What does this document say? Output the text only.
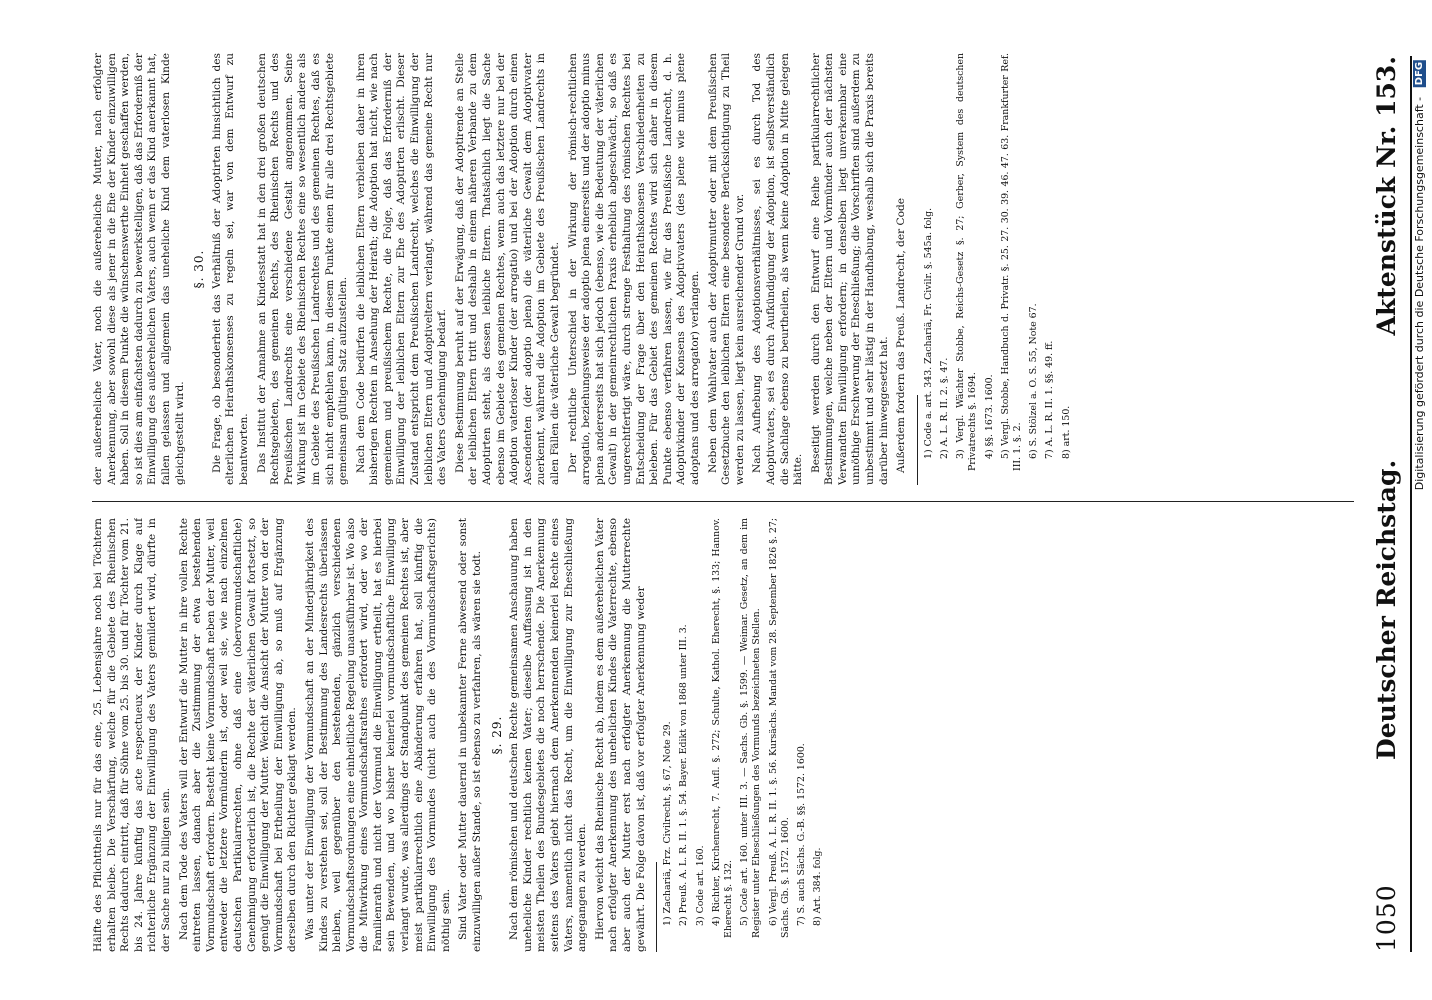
1050
Deutscher Reichstag.
Aktenstück Nr. 153.

Hälfte des Pflichttheils nur für das eine, 25. Lebensjahre noch bei Töchtern erhalten bleibe. Die Verschärfung, welche für die Gebiete des Rheinischen Rechts dadurch eintritt, daß für Söhne vom 25. bis 30. und für Töchter vom 21. bis 24. Jahre künftig das acte respectueux der Kinder durch Klage auf richterliche Ergänzung der Einwilligung des Vaters gemildert wird, dürfte in der Sache nur zu billigen sein. Nach dem Tode des Vaters will der Entwurf die Mutter in ihre vollen Rechte eintreten lassen, danach aber die Zustimmung der etwa bestehenden Vormundschaft erfordern. Besteht keine Vormundschaft neben der Mutter, weil entweder die letztere Vormünderin ist, oder weil sie, wie nach einzelnen deutschen Partikularrechten, ohne daß eine (obervormundschaftliche) Genehmigung erforderlich ist, die Rechte der väterlichen Gewalt fortsetzt, so genügt die Einwilligung der Mutter. Weicht die Ansicht der Mutter von der der Vormundschaft bei Ertheilung der Einwilligung ab, so muß auf Ergänzung derselben durch den Richter geklagt werden. Was unter der Einwilligung der Vormundschaft an der Minderjährigkeit des Kindes zu verstehen sei, soll der Bestimmung des Landesrechts überlassen bleiben, weil gegenüber den bestehenden, gänzlich verschiedenen Vormundschaftsordnungen eine einheitliche Regelung unausführbar ist. Wo also die Mitwirkung eines Vormundschaftsrathes erfordert wird, oder wo der Familienrath und nicht der Vormund die Einwilligung ertheilt, hat es hierbei sein Bewenden, und wo bisher keinerlei vormundschaftliche Einwilligung verlangt wurde, was allerdings der Standpunkt des gemeinen Rechtes ist, aber meist partikularrechtlich eine Abänderung erfahren hat, soll künftig die Einwilligung des Vormundes (nicht auch die des Vormundschaftsgerichts) nöthig sein. Sind Vater oder Mutter dauernd in unbekannter Ferne abwesend oder sonst einzuwilligen außer Stande, so ist ebenso zu verfahren, als wären sie todt. §. 29. Nach dem römischen und deutschen Rechte gemeinsamen Anschauung haben uneheliche Kinder rechtlich keinen Vater; dieselbe Auffassung ist in den meisten Theilen des Bundesgebietes die noch herrschende. Die Anerkennung seitens des Vaters giebt hiernach dem Anerkennenden keinerlei Rechte eines Vaters, namentlich nicht das Recht, um die Einwilligung zur Eheschließung angegangen zu werden. Hiervon weicht das Rheinische Recht ab, indem es dem außerehelichen Vater nach erfolgter Anerkennung des unehelichen Kindes die Vaterrechte, ebenso aber auch der Mutter erst nach erfolgter Anerkennung die Mutterrechte gewährt. Die Folge davon ist, daß vor erfolgter Anerkennung weder 1) Zachariä, Frz. Civilrecht, §. 67, Note 29. 2) Preuß. A. L. R. II. 1. §. 54. Bayer. Edikt von 1868 unter III. 3. 3) Code art. 160. 4) Richter, Kirchenrecht, 7. Aufl. §. 272; Schulte, Kathol. Eherecht, §. 133; Hannov. Eherecht §. 132. 5) Code art. 160. unter III. 3. — Sachs. Gb. §. 1599. — Weimar. Gesetz, an dem im Register unter Eheschließungen des Vormunds bezeichneten Stellen. 6) Vergl. Preuß. A. L. R. II. 1. §. 56. Kursächs. Mandat vom 28. September 1826 §. 27; Sächs. Gb. §. 1572. 1600. 7) S. auch Sächs. G.-B. §§. 1572. 1600. 8) Art. 384. folg.

der außereheliche Vater, noch die außereheliche Mutter, nach erfolgter Anerkennung, aber sowohl diese als jener in die Ehe der Kinder einzuwilligen haben. Soll in diesem Punkte die wünschenswerthe Einheit geschaffen werden, so ist dies am einfachsten dadurch zu bewerkstelligen, daß das Erforderniß der Einwilligung des außerehelichen Vaters, auch wenn er das Kind anerkannt hat, fallen gelassen und allgemein das uneheliche Kind dem vaterlosen Kinde gleichgestellt wird.

§. 30. Die Frage, ob besonderheit das Verhältniß der Adoptirten hinsichtlich des elterlichen Heirathskonsenses zu regeln sei, war von dem Entwurf zu beantworten. Das Institut der Annahme an Kindesstatt hat in den drei großen deutschen Rechtsgebieten, des gemeinen Rechts, des Rheinischen Rechts und des Preußischen Landrechts eine verschiedene Gestalt angenommen. Seine Wirkung ist im Gebiete des Rheinischen Rechtes eine so wesentlich andere als im Gebiete des Preußischen Landrechtes und des gemeinen Rechtes, daß es sich nicht empfehlen kann, in diesem Punkte einen für alle drei Rechtsgebiete gemeinsam gültigen Satz aufzustellen. Nach dem Code bedürfen die leiblichen Eltern verbleiben daher in ihren bisherigen Rechten in Ansehung der Heirath; die Adoption hat nicht, wie nach gemeinem und preußischem Rechte, die Folge, daß das Erforderniß der Einwilligung der leiblichen Eltern zur Ehe des Adoptirten erlischt. Dieser Zustand entspricht dem Preußischen Landrecht, welches die Einwilligung der leiblichen Eltern und Adoptiveltern verlangt, während das gemeine Recht nur des Vaters Genehmigung bedarf. Diese Bestimmung beruht auf der Erwägung, daß der Adoptirende an Stelle der leiblichen Eltern tritt und deshalb in einem näheren Verbande zu dem Adoptirten steht, als dessen leibliche Eltern. Thatsächlich liegt die Sache ebenso im Gebiete des gemeinen Rechtes, wenn auch das letztere nur bei der Adoption vaterloser Kinder (der arrogatio) und bei der Adoption durch einen Ascendenten (der adoptio plena) die väterliche Gewalt dem Adoptivvater zuerkennt, während die Adoption im Gebiete des Preußischen Landrechts in allen Fällen die väterliche Gewalt begründet. Der rechtliche Unterschied in der Wirkung der römisch-rechtlichen arrogatio, beziehungsweise der adoptio plena einerseits und der adoptio minus plena andererseits hat sich jedoch (ebenso, wie die Bedeutung der väterlichen Gewalt) in der gemeinrechtlichen Praxis erheblich abgeschwächt, so daß es ungerechtfertigt wäre, durch strenge Festhaltung des römischen Rechtes bei Entscheidung der Frage über den Heirathskonsens Verschiedenheiten zu beleben. Für das Gebiet des gemeinen Rechtes wird sich daher in diesem Punkte ebenso verfahren lassen, wie für das Preußische Landrecht, d. h. Adoptivkinder der Konsens des Adoptivvaters (des plene wie minus plene adoptans und des arrogator) verlangen. Neben dem Wahlvater auch der Adoptivmutter oder mit dem Preußischen Gesetzbuche den leiblichen Eltern eine besondere Berücksichtigung zu Theil werden zu lassen, liegt kein ausreichender Grund vor. Nach Aufhebung des Adoptionsverhältnisses, sei es durch Tod des Adoptivvaters, sei es durch Aufkündigung der Adoption, ist selbstverständlich die Sachlage ebenso zu beurtheilen, als wenn keine Adoption in Mitte gelegen hätte. Beseitigt werden durch den Entwurf eine Reihe partikularrechtlicher Bestimmungen, welche neben der Eltern und Vormünder auch der nächsten Verwandten Einwilligung erfordern; in denselben liegt unverkennbar eine unnöthige Erschwerung der Eheschließung; die Vorschriften sind außerdem zu unbestimmt und sehr lästig in der Handhabung, weshalb sich die Praxis bereits darüber hinweggesetzt hat. Außerdem fordern das Preuß. Landrecht, der Code 1) Code a. art. 343. Zachariä, Fr. Civilr. §. 545a. folg. 2) A. L. R. II. 2. §. 47. 3) Vergl. Wächter Stobbe, Reichs-Gesetz §. 27; Gerber, System des deutschen Privatrechts §. 1694. 4) §§. 1673. 1600. 5) Vergl. Stobbe, Handbuch d. Privatr. §. 25. 27. 30. 39. 46. 47. 63. Frankfurter Ref. III. 1. §. 2. 6) S. Stölzel a. O. S. 55, Note 67. 7) A. L. R. II. 1. §§. 49. ff. 8) art. 150.	Digitalisierung gefördert durch die Deutsche Forschungsgemeinschaft - DFG
